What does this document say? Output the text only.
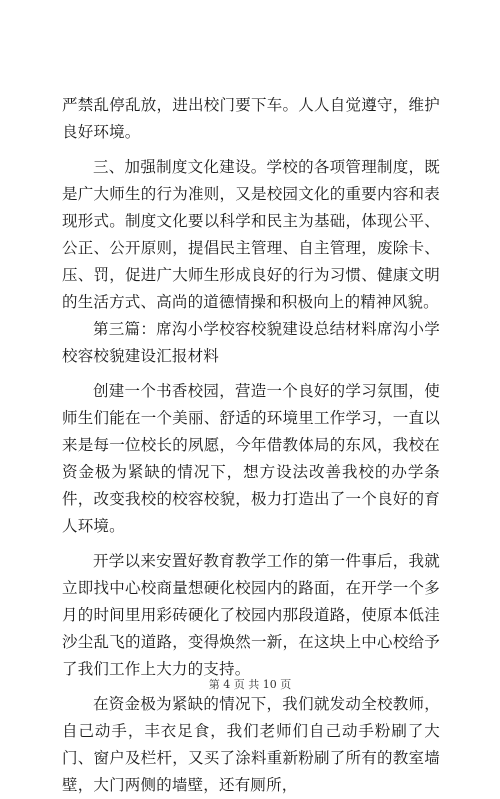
严禁乱停乱放，进出校门要下车。人人自觉遵守，维护良好环境。

三、加强制度文化建设。学校的各项管理制度，既是广大师生的行为准则，又是校园文化的重要内容和表现形式。制度文化要以科学和民主为基础，体现公平、公正、公开原则，提倡民主管理、自主管理，废除卡、压、罚，促进广大师生形成良好的行为习惯、健康文明的生活方式、高尚的道德情操和积极向上的精神风貌。

第三篇：席沟小学校容校貌建设总结材料席沟小学校容校貌建设汇报材料

创建一个书香校园，营造一个良好的学习氛围，使师生们能在一个美丽、舒适的环境里工作学习，一直以来是每一位校长的夙愿，今年借教体局的东风，我校在资金极为紧缺的情况下，想方设法改善我校的办学条件，改变我校的校容校貌，极力打造出了一个良好的育人环境。

开学以来安置好教育教学工作的第一件事后，我就立即找中心校商量想硬化校园内的路面，在开学一个多月的时间里用彩砖硬化了校园内那段道路，使原本低洼沙尘乱飞的道路，变得焕然一新，在这块上中心校给予了我们工作上大力的支持。

在资金极为紧缺的情况下，我们就发动全校教师，自己动手，丰衣足食，我们老师们自己动手粉刷了大门、窗户及栏杆，又买了涂料重新粉刷了所有的教室墙壁，大门两侧的墙壁，还有厕所，

第 4 页 共 10 页
